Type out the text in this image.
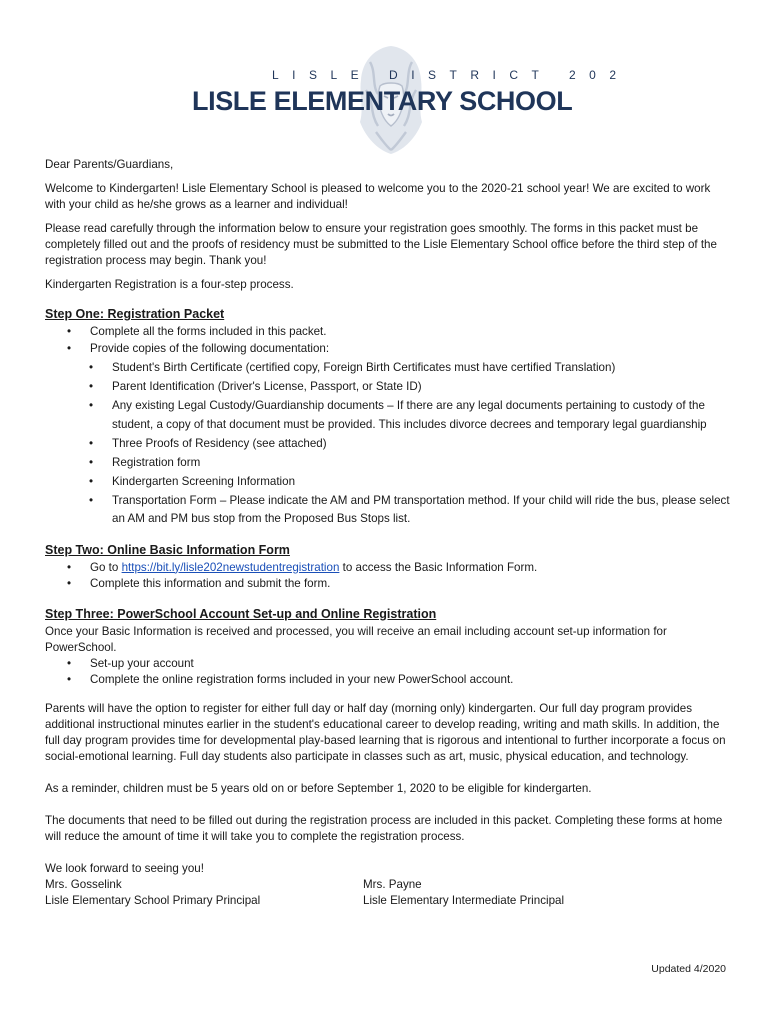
LISLE DISTRICT 202
LISLE ELEMENTARY SCHOOL

Dear Parents/Guardians,

Welcome to Kindergarten! Lisle Elementary School is pleased to welcome you to the 2020-21 school year! We are excited to work with your child as he/she grows as a learner and individual!

Please read carefully through the information below to ensure your registration goes smoothly. The forms in this packet must be completely filled out and the proofs of residency must be submitted to the Lisle Elementary School office before the third step of the registration process may begin. Thank you!

Kindergarten Registration is a four-step process.

Step One: Registration Packet
• Complete all the forms included in this packet.
• Provide copies of the following documentation:
• Student's Birth Certificate (certified copy, Foreign Birth Certificates must have certified Translation)
• Parent Identification (Driver's License, Passport, or State ID)
• Any existing Legal Custody/Guardianship documents – If there are any legal documents pertaining to custody of the student, a copy of that document must be provided. This includes divorce decrees and temporary legal guardianship
• Three Proofs of Residency (see attached)
• Registration form
• Kindergarten Screening Information
• Transportation Form – Please indicate the AM and PM transportation method. If your child will ride the bus, please select an AM and PM bus stop from the Proposed Bus Stops list.
Step Two: Online Basic Information Form
• Go to https://bit.ly/lisle202newstudentregistration to access the Basic Information Form.
• Complete this information and submit the form.
Step Three: PowerSchool Account Set-up and Online Registration
Once your Basic Information is received and processed, you will receive an email including account set-up information for PowerSchool.
• Set-up your account
• Complete the online registration forms included in your new PowerSchool account.

Parents will have the option to register for either full day or half day (morning only) kindergarten. Our full day program provides additional instructional minutes earlier in the student's educational career to develop reading, writing and math skills. In addition, the full day program provides time for developmental play-based learning that is rigorous and intentional to further incorporate a focus on social-emotional learning. Full day students also participate in classes such as art, music, physical education, and technology.

As a reminder, children must be 5 years old on or before September 1, 2020 to be eligible for kindergarten.

The documents that need to be filled out during the registration process are included in this packet. Completing these forms at home will reduce the amount of time it will take you to complete the registration process.

We look forward to seeing you!
Mrs. Gosselink
Lisle Elementary School Primary Principal
Mrs. Payne
Lisle Elementary Intermediate Principal
Updated 4/2020
